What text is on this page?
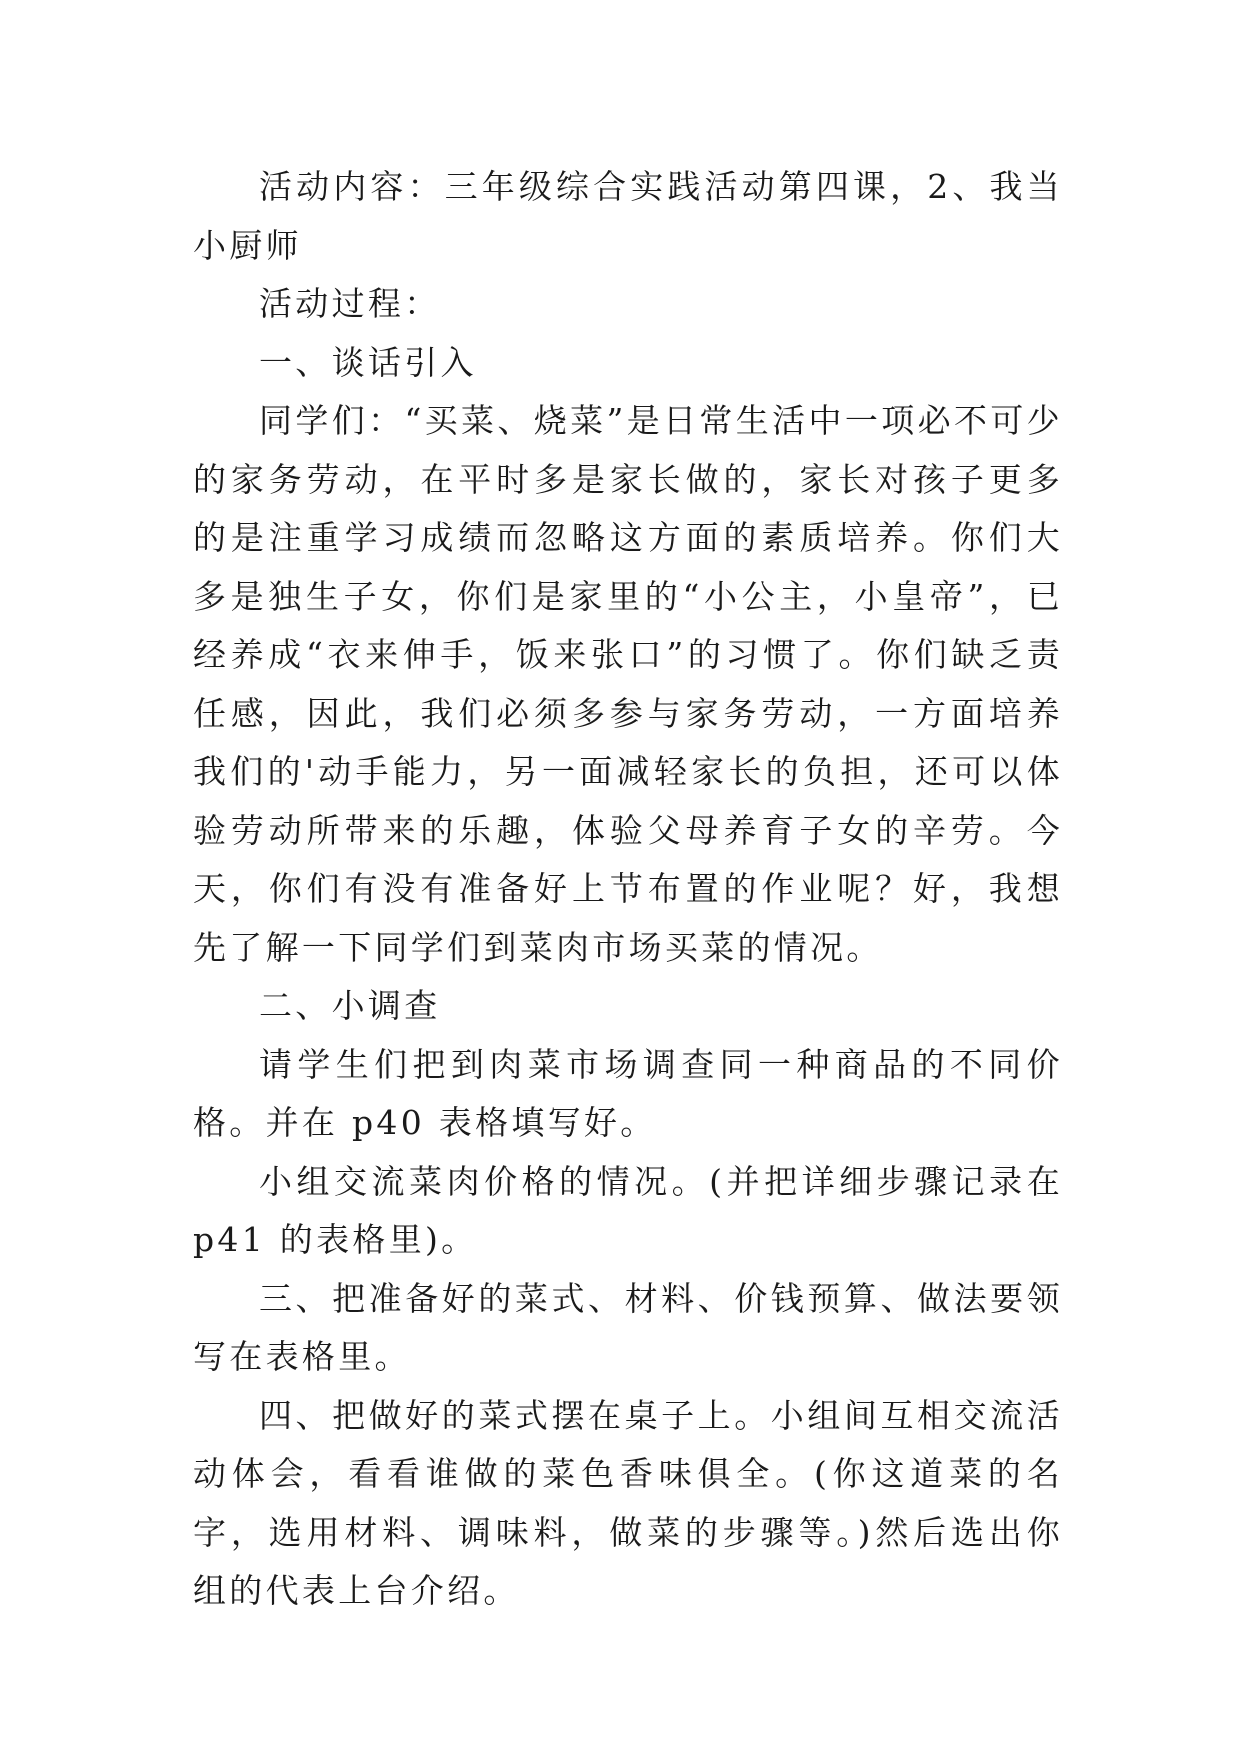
活动内容：三年级综合实践活动第四课，2、我当小厨师

活动过程：

一、谈话引入

同学们：“买菜、烧菜”是日常生活中一项必不可少的家务劳动，在平时多是家长做的，家长对孩子更多的是注重学习成绩而忽略这方面的素质培养。你们大多是独生子女，你们是家里的“小公主，小皇帝”，已经养成“衣来伸手，饭来张口”的习惯了。你们缺乏责任感，因此，我们必须多参与家务劳动，一方面培养我们的'动手能力，另一面减轻家长的负担，还可以体验劳动所带来的乐趣，体验父母养育子女的辛劳。今天，你们有没有准备好上节布置的作业呢？好，我想先了解一下同学们到菜肉市场买菜的情况。

二、小调查

请学生们把到肉菜市场调查同一种商品的不同价格。并在 p40 表格填写好。

小组交流菜肉价格的情况。(并把详细步骤记录在 p41 的表格里)。

三、把准备好的菜式、材料、价钱预算、做法要领写在表格里。

四、把做好的菜式摆在桌子上。小组间互相交流活动体会，看看谁做的菜色香味俱全。(你这道菜的名字，选用材料、调味料，做菜的步骤等。)然后选出你组的代表上台介绍。
